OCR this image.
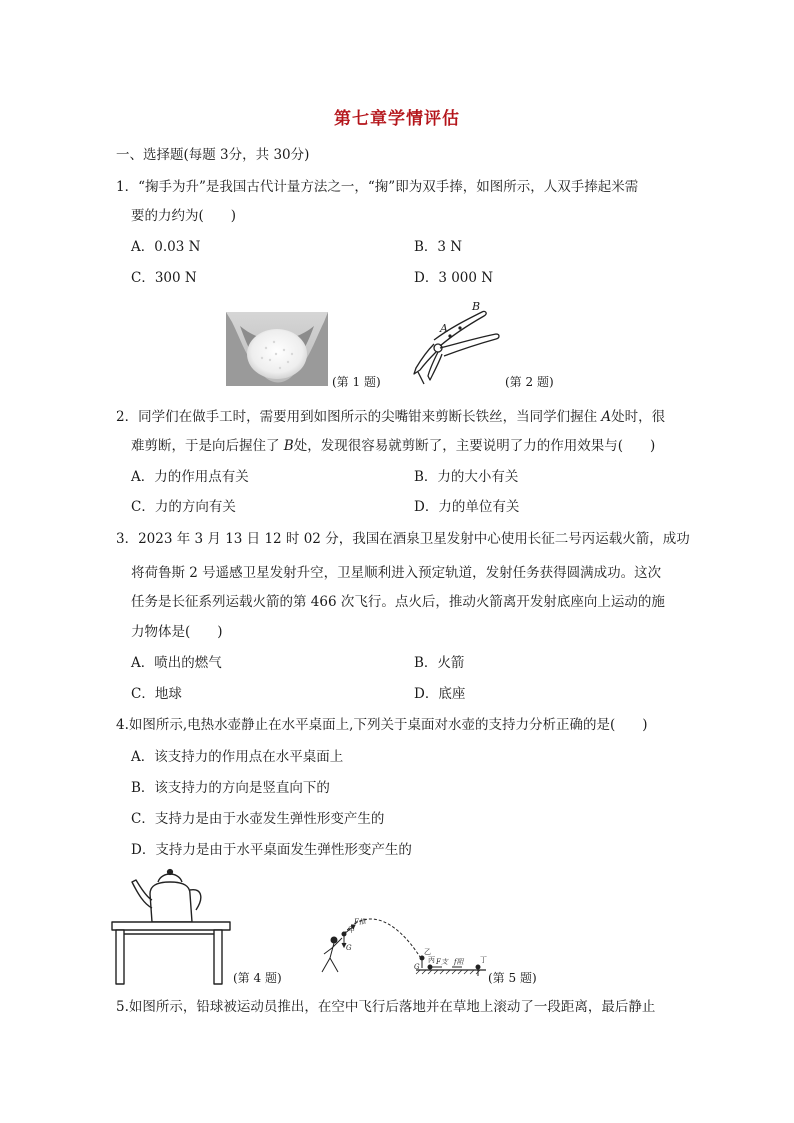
第七章学情评估
一、选择题(每题 3分，共 30分)
1．“掬手为升”是我国古代计量方法之一，“掬”即为双手捧，如图所示，人双手捧起米需
要的力约为(　　)
A．0.03 N	B．3 N
C．300 N	D．3 000 N
(第 1 题)
B
A
(第 2 题)
2．同学们在做手工时，需要用到如图所示的尖嘴钳来剪断长铁丝，当同学们握住 A处时，很
难剪断，于是向后握住了 B处，发现很容易就剪断了，主要说明了力的作用效果与(　　)
A．力的作用点有关	B．力的大小有关
C．力的方向有关	D．力的单位有关
3．2023 年 3 月 13 日 12 时 02 分，我国在酒泉卫星发射中心使用长征二号丙运载火箭，成功
将荷鲁斯 2 号遥感卫星发射升空，卫星顺利进入预定轨道，发射任务获得圆满成功。这次
任务是长征系列运载火箭的第 466 次飞行。点火后，推动火箭离开发射底座向上运动的施
力物体是(　　)
A．喷出的燃气	B．火箭
C．地球	D．底座
4.如图所示,电热水壶静止在水平桌面上,下列关于桌面对水壶的支持力分析正确的是(　　)
A．该支持力的作用点在水平桌面上
B．该支持力的方向是竖直向下的
C．支持力是由于水壶发生弹性形变产生的
D．支持力是由于水平桌面发生弹性形变产生的
(第 4 题)
甲
乙
丙	丁
G
G
F推
F支 f阻
(第 5 题)
5.如图所示，铅球被运动员推出，在空中飞行后落地并在草地上滚动了一段距离，最后静止
